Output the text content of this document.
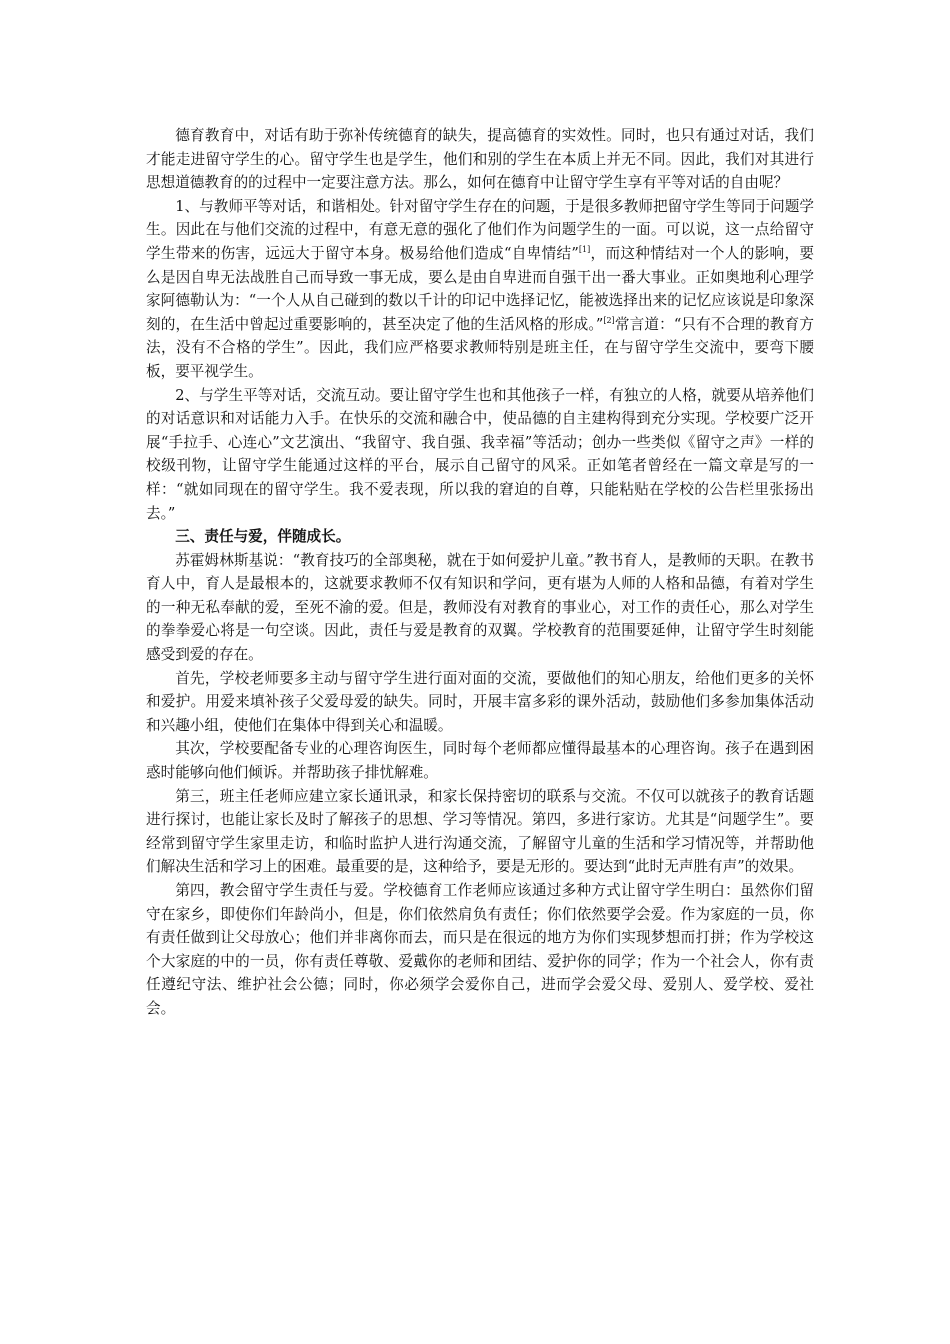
德育教育中，对话有助于弥补传统德育的缺失，提高德育的实效性。同时，也只有通过对话，我们才能走进留守学生的心。留守学生也是学生，他们和别的学生在本质上并无不同。因此，我们对其进行思想道德教育的的过程中一定要注意方法。那么，如何在德育中让留守学生享有平等对话的自由呢？

1、与教师平等对话，和谐相处。针对留守学生存在的问题，于是很多教师把留守学生等同于问题学生。因此在与他们交流的过程中，有意无意的强化了他们作为问题学生的一面。可以说，这一点给留守学生带来的伤害，远远大于留守本身。极易给他们造成“自卑情结”[1]，而这种情结对一个人的影响，要么是因自卑无法战胜自己而导致一事无成，要么是由自卑进而自强干出一番大事业。正如奥地利心理学家阿德勒认为：“一个人从自己碰到的数以千计的印记中选择记忆，能被选择出来的记忆应该说是印象深刻的，在生活中曾起过重要影响的，甚至决定了他的生活风格的形成。”[2]常言道：“只有不合理的教育方法，没有不合格的学生”。因此，我们应严格要求教师特别是班主任，在与留守学生交流中，要弯下腰板，要平视学生。

2、与学生平等对话，交流互动。要让留守学生也和其他孩子一样，有独立的人格，就要从培养他们的对话意识和对话能力入手。在快乐的交流和融合中，使品德的自主建构得到充分实现。学校要广泛开展“手拉手、心连心”文艺演出、“我留守、我自强、我幸福”等活动；创办一些类似《留守之声》一样的校级刊物，让留守学生能通过这样的平台，展示自己留守的风采。正如笔者曾经在一篇文章是写的一样：“就如同现在的留守学生。我不爱表现，所以我的窘迫的自尊，只能粘贴在学校的公告栏里张扬出去。”

三、责任与爱，伴随成长。

苏霍姆林斯基说：“教育技巧的全部奥秘，就在于如何爱护儿童。”教书育人，是教师的天职。在教书育人中，育人是最根本的，这就要求教师不仅有知识和学问，更有堪为人师的人格和品德，有着对学生的一种无私奉献的爱，至死不渝的爱。但是，教师没有对教育的事业心，对工作的责任心，那么对学生的拳拳爱心将是一句空谈。因此，责任与爱是教育的双翼。学校教育的范围要延伸，让留守学生时刻能感受到爱的存在。

首先，学校老师要多主动与留守学生进行面对面的交流，要做他们的知心朋友，给他们更多的关怀和爱护。用爱来填补孩子父爱母爱的缺失。同时，开展丰富多彩的课外活动，鼓励他们多参加集体活动和兴趣小组，使他们在集体中得到关心和温暖。

其次，学校要配备专业的心理咨询医生，同时每个老师都应懂得最基本的心理咨询。孩子在遇到困惑时能够向他们倾诉。并帮助孩子排忧解难。

第三，班主任老师应建立家长通讯录，和家长保持密切的联系与交流。不仅可以就孩子的教育话题进行探讨，也能让家长及时了解孩子的思想、学习等情况。第四，多进行家访。尤其是“问题学生”。要经常到留守学生家里走访，和临时监护人进行沟通交流，了解留守儿童的生活和学习情况等，并帮助他们解决生活和学习上的困难。最重要的是，这种给予，要是无形的。要达到“此时无声胜有声”的效果。

第四，教会留守学生责任与爱。学校德育工作老师应该通过多种方式让留守学生明白：虽然你们留守在家乡，即使你们年龄尚小，但是，你们依然肩负有责任；你们依然要学会爱。作为家庭的一员，你有责任做到让父母放心；他们并非离你而去，而只是在很远的地方为你们实现梦想而打拼；作为学校这个大家庭的中的一员，你有责任尊敬、爱戴你的老师和团结、爱护你的同学；作为一个社会人，你有责任遵纪守法、维护社会公德；同时，你必须学会爱你自己，进而学会爱父母、爱别人、爱学校、爱社会。
